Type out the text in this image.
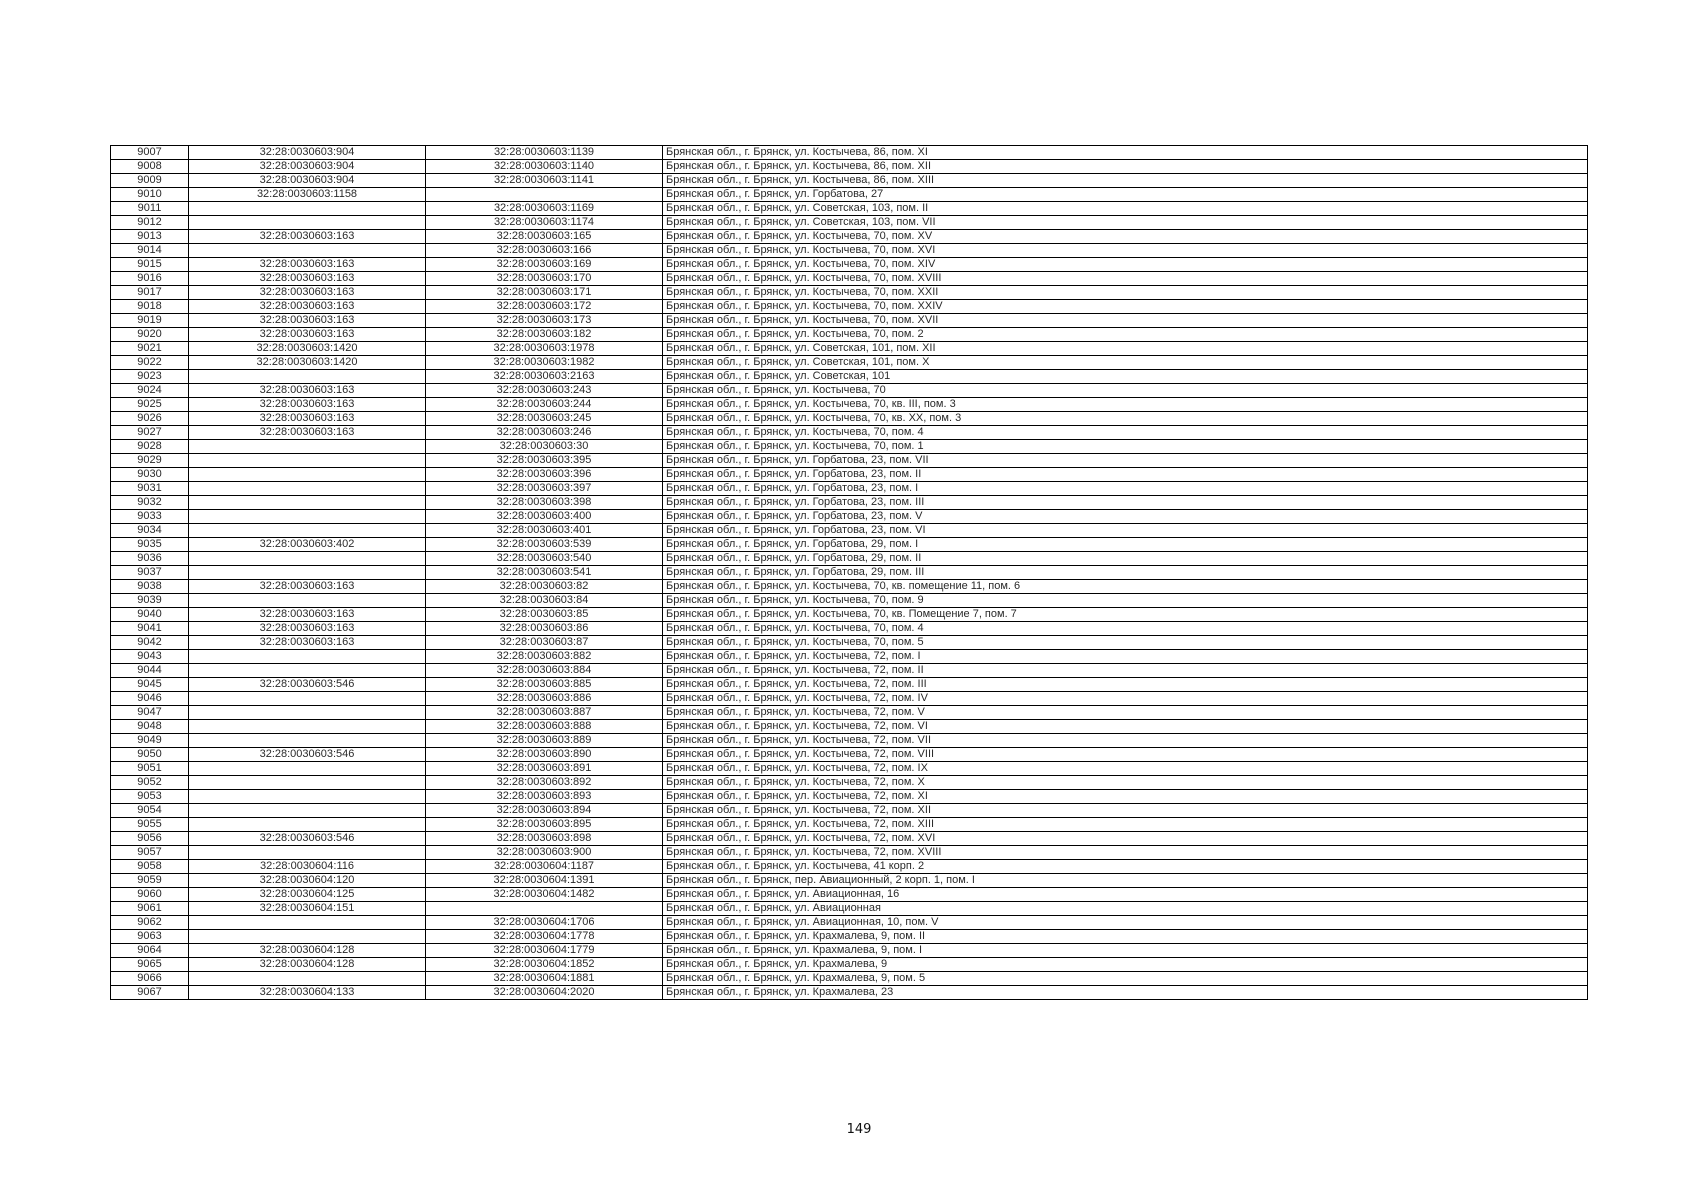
9007	32:28:0030603:904	32:28:0030603:1139	Брянская обл., г. Брянск, ул. Костычева, 86, пом. XI
9008	32:28:0030603:904	32:28:0030603:1140	Брянская обл., г. Брянск, ул. Костычева, 86, пом. XII
9009	32:28:0030603:904	32:28:0030603:1141	Брянская обл., г. Брянск, ул. Костычева, 86, пом. XIII
9010	32:28:0030603:1158		Брянская обл., г. Брянск, ул. Горбатова, 27
9011		32:28:0030603:1169	Брянская обл., г. Брянск, ул. Советская, 103, пом. II
9012		32:28:0030603:1174	Брянская обл., г. Брянск, ул. Советская, 103, пом. VII
9013	32:28:0030603:163	32:28:0030603:165	Брянская обл., г. Брянск, ул. Костычева, 70, пом. XV
9014		32:28:0030603:166	Брянская обл., г. Брянск, ул. Костычева, 70, пом. XVI
9015	32:28:0030603:163	32:28:0030603:169	Брянская обл., г. Брянск, ул. Костычева, 70, пом. XIV
9016	32:28:0030603:163	32:28:0030603:170	Брянская обл., г. Брянск, ул. Костычева, 70, пом. XVIII
9017	32:28:0030603:163	32:28:0030603:171	Брянская обл., г. Брянск, ул. Костычева, 70, пом. XXII
9018	32:28:0030603:163	32:28:0030603:172	Брянская обл., г. Брянск, ул. Костычева, 70, пом. XXIV
9019	32:28:0030603:163	32:28:0030603:173	Брянская обл., г. Брянск, ул. Костычева, 70, пом. XVII
9020	32:28:0030603:163	32:28:0030603:182	Брянская обл., г. Брянск, ул. Костычева, 70, пом. 2
9021	32:28:0030603:1420	32:28:0030603:1978	Брянская обл., г. Брянск, ул. Советская, 101, пом. XII
9022	32:28:0030603:1420	32:28:0030603:1982	Брянская обл., г. Брянск, ул. Советская, 101, пом. X
9023		32:28:0030603:2163	Брянская обл., г. Брянск, ул. Советская, 101
9024	32:28:0030603:163	32:28:0030603:243	Брянская обл., г. Брянск, ул. Костычева, 70
9025	32:28:0030603:163	32:28:0030603:244	Брянская обл., г. Брянск, ул. Костычева, 70, кв. III, пом. 3
9026	32:28:0030603:163	32:28:0030603:245	Брянская обл., г. Брянск, ул. Костычева, 70, кв. XX, пом. 3
9027	32:28:0030603:163	32:28:0030603:246	Брянская обл., г. Брянск, ул. Костычева, 70, пом. 4
9028		32:28:0030603:30	Брянская обл., г. Брянск, ул. Костычева, 70, пом. 1
9029		32:28:0030603:395	Брянская обл., г. Брянск, ул. Горбатова, 23, пом. VII
9030		32:28:0030603:396	Брянская обл., г. Брянск, ул. Горбатова, 23, пом. II
9031		32:28:0030603:397	Брянская обл., г. Брянск, ул. Горбатова, 23, пом. I
9032		32:28:0030603:398	Брянская обл., г. Брянск, ул. Горбатова, 23, пом. III
9033		32:28:0030603:400	Брянская обл., г. Брянск, ул. Горбатова, 23, пом. V
9034		32:28:0030603:401	Брянская обл., г. Брянск, ул. Горбатова, 23, пом. VI
9035	32:28:0030603:402	32:28:0030603:539	Брянская обл., г. Брянск, ул. Горбатова, 29, пом. I
9036		32:28:0030603:540	Брянская обл., г. Брянск, ул. Горбатова, 29, пом. II
9037		32:28:0030603:541	Брянская обл., г. Брянск, ул. Горбатова, 29, пом. III
9038	32:28:0030603:163	32:28:0030603:82	Брянская обл., г. Брянск, ул. Костычева, 70, кв. помещение 11, пом. 6
9039		32:28:0030603:84	Брянская обл., г. Брянск, ул. Костычева, 70, пом. 9
9040	32:28:0030603:163	32:28:0030603:85	Брянская обл., г. Брянск, ул. Костычева, 70, кв. Помещение 7, пом. 7
9041	32:28:0030603:163	32:28:0030603:86	Брянская обл., г. Брянск, ул. Костычева, 70, пом. 4
9042	32:28:0030603:163	32:28:0030603:87	Брянская обл., г. Брянск, ул. Костычева, 70, пом. 5
9043		32:28:0030603:882	Брянская обл., г. Брянск, ул. Костычева, 72, пом. I
9044		32:28:0030603:884	Брянская обл., г. Брянск, ул. Костычева, 72, пом. II
9045	32:28:0030603:546	32:28:0030603:885	Брянская обл., г. Брянск, ул. Костычева, 72, пом. III
9046		32:28:0030603:886	Брянская обл., г. Брянск, ул. Костычева, 72, пом. IV
9047		32:28:0030603:887	Брянская обл., г. Брянск, ул. Костычева, 72, пом. V
9048		32:28:0030603:888	Брянская обл., г. Брянск, ул. Костычева, 72, пом. VI
9049		32:28:0030603:889	Брянская обл., г. Брянск, ул. Костычева, 72, пом. VII
9050	32:28:0030603:546	32:28:0030603:890	Брянская обл., г. Брянск, ул. Костычева, 72, пом. VIII
9051		32:28:0030603:891	Брянская обл., г. Брянск, ул. Костычева, 72, пом. IX
9052		32:28:0030603:892	Брянская обл., г. Брянск, ул. Костычева, 72, пом. X
9053		32:28:0030603:893	Брянская обл., г. Брянск, ул. Костычева, 72, пом. XI
9054		32:28:0030603:894	Брянская обл., г. Брянск, ул. Костычева, 72, пом. XII
9055		32:28:0030603:895	Брянская обл., г. Брянск, ул. Костычева, 72, пом. XIII
9056	32:28:0030603:546	32:28:0030603:898	Брянская обл., г. Брянск, ул. Костычева, 72, пом. XVI
9057		32:28:0030603:900	Брянская обл., г. Брянск, ул. Костычева, 72, пом. XVIII
9058	32:28:0030604:116	32:28:0030604:1187	Брянская обл., г. Брянск, ул. Костычева, 41 корп. 2
9059	32:28:0030604:120	32:28:0030604:1391	Брянская обл., г. Брянск, пер. Авиационный, 2 корп. 1, пом. I
9060	32:28:0030604:125	32:28:0030604:1482	Брянская обл., г. Брянск, ул. Авиационная, 16
9061	32:28:0030604:151		Брянская обл., г. Брянск, ул. Авиационная
9062		32:28:0030604:1706	Брянская обл., г. Брянск, ул. Авиационная, 10, пом. V
9063		32:28:0030604:1778	Брянская обл., г. Брянск, ул. Крахмалева, 9, пом. II
9064	32:28:0030604:128	32:28:0030604:1779	Брянская обл., г. Брянск, ул. Крахмалева, 9, пом. I
9065	32:28:0030604:128	32:28:0030604:1852	Брянская обл., г. Брянск, ул. Крахмалева, 9
9066		32:28:0030604:1881	Брянская обл., г. Брянск, ул. Крахмалева, 9, пом. 5
9067	32:28:0030604:133	32:28:0030604:2020	Брянская обл., г. Брянск, ул. Крахмалева, 23
149
